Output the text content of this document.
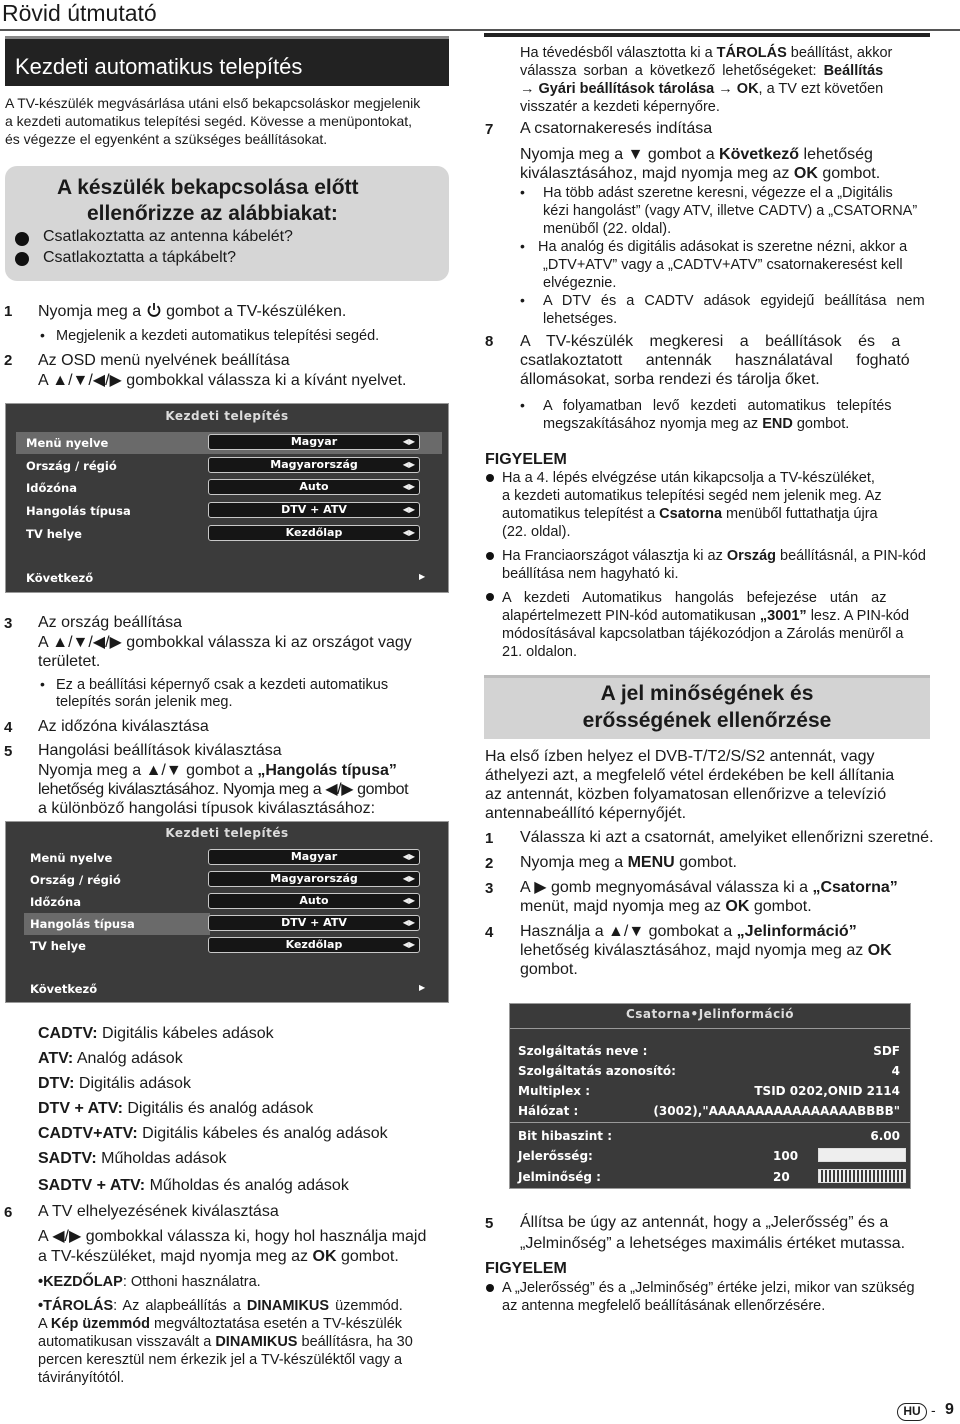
Rövid útmutató
Kezdeti automatikus telepítés
A TV-készülék megvásárlása utáni első bekapcsoláskor megjelenik
a kezdeti automatikus telepítési segéd. Kövesse a menüpontokat,
és végezze el egyenként a szükséges beállításokat.
A készülék bekapcsolása előtt
ellenőrizze az alábbiakat:
Csatlakoztatta az antenna kábelét?
Csatlakoztatta a tápkábelt?
1 Nyomja meg a gombot a TV-készüléken.
• Megjelenik a kezdeti automatikus telepítési segéd.
2 Az OSD menü nyelvének beállítása
A ▲/▼/◀/▶ gombokkal válassza ki a kívánt nyelvet.
Kezdeti telepítés
Menü nyelve	Magyar	◀▶
Ország / régió	Magyarország	◀▶
Időzóna	Auto	◀▶
Hangolás típusa	DTV + ATV	◀▶
TV helye	Kezdőlap	◀▶
Következő	▶
3 Az ország beállítása
A ▲/▼/◀/▶ gombokkal válassza ki az országot vagy
területet.
• Ez a beállítási képernyő csak a kezdeti automatikus
telepítés során jelenik meg.
4 Az időzóna kiválasztása
5 Hangolási beállítások kiválasztása
Nyomja meg a ▲/▼ gombot a „Hangolás típusa”
lehetőség kiválasztásához. Nyomja meg a ◀/▶ gombot
a különböző hangolási típusok kiválasztásához:
Kezdeti telepítés
Menü nyelve	Magyar	◀▶
Ország / régió	Magyarország	◀▶
Időzóna	Auto	◀▶
Hangolás típusa	DTV + ATV	◀▶
TV helye	Kezdőlap	◀▶
Következő	▶
CADTV: Digitális kábeles adások
ATV: Analóg adások
DTV: Digitális adások
DTV + ATV: Digitális és analóg adások
CADTV+ATV: Digitális kábeles és analóg adások
SADTV: Műholdas adások
SADTV + ATV: Műholdas és analóg adások
6 A TV elhelyezésének kiválasztása
A ◀/▶ gombokkal válassza ki, hogy hol használja majd
a TV-készüléket, majd nyomja meg az OK gombot.
•KEZDŐLAP: Otthoni használatra.
•TÁROLÁS: Az alapbeállítás a DINAMIKUS üzemmód.
A Kép üzemmód megváltoztatása esetén a TV-készülék
automatikusan visszavált a DINAMIKUS beállításra, ha 30
percen keresztül nem érkezik jel a TV-készüléktől vagy a
távirányítótól.
Ha tévedésből választotta ki a TÁROLÁS beállítást, akkor
válassza sorban a következő lehetőségeket: Beállítás
→ Gyári beállítások tárolása → OK, a TV ezt követően
visszatér a kezdeti képernyőre.
7 A csatornakeresés indítása
Nyomja meg a ▼ gombot a Következő lehetőség
kiválasztásához, majd nyomja meg az OK gombot.
• Ha több adást szeretne keresni, végezze el a „Digitális
kézi hangolást” (vagy ATV, illetve CADTV) a „CSATORNA”
menüből (22. oldal).
• Ha analóg és digitális adásokat is szeretne nézni, akkor a
„DTV+ATV” vagy a „CADTV+ATV” csatornakeresést kell
elvégeznie.
• A DTV és a CADTV adások egyidejű beállítása nem
lehetséges.
8 A TV-készülék megkeresi a beállítások és a
csatlakoztatott antennák használatával fogható
állomásokat, sorba rendezi és tárolja őket.
• A folyamatban levő kezdeti automatikus telepítés
megszakításához nyomja meg az END gombot.
FIGYELEM
Ha a 4. lépés elvégzése után kikapcsolja a TV-készüléket,
a kezdeti automatikus telepítési segéd nem jelenik meg. Az
automatikus telepítést a Csatorna menüből futtathatja újra
(22. oldal).
Ha Franciaországot választja ki az Ország beállításnál, a PIN-kód
beállítása nem hagyható ki.
A kezdeti Automatikus hangolás befejezése után az
alapértelmezett PIN-kód automatikusan „3001” lesz. A PIN-kód
módosításával kapcsolatban tájékozódjon a Zárolás menüről a
21. oldalon.
A jel minőségének és
erősségének ellenőrzése
Ha első ízben helyez el DVB-T/T2/S/S2 antennát, vagy
áthelyezi azt, a megfelelő vétel érdekében be kell állítania
az antennát, közben folyamatosan ellenőrizve a televízió
antennabeállító képernyőjét.
1 Válassza ki azt a csatornát, amelyiket ellenőrizni szeretné.
2 Nyomja meg a MENU gombot.
3 A ▶ gomb megnyomásával válassza ki a „Csatorna”
menüt, majd nyomja meg az OK gombot.
4 Használja a ▲/▼ gombokat a „Jelinformáció”
lehetőség kiválasztásához, majd nyomja meg az OK
gombot.
Csatorna•Jelinformáció
Szolgáltatás neve :	SDF
Szolgáltatás azonosító:	4
Multiplex :	TSID 0202,ONID 2114
Hálózat :	(3002),"AAAAAAAAAAAAAAAABBBB"
Bit hibaszint :	6.00
Jelerősség:	100
Jelminőség :	20
5 Állítsa be úgy az antennát, hogy a „Jelerősség” és a
„Jelminőség” a lehetséges maximális értéket mutassa.
FIGYELEM
A „Jelerősség” és a „Jelminőség” értéke jelzi, mikor van szükség
az antenna megfelelő beállításának ellenőrzésére.
HU - 9
